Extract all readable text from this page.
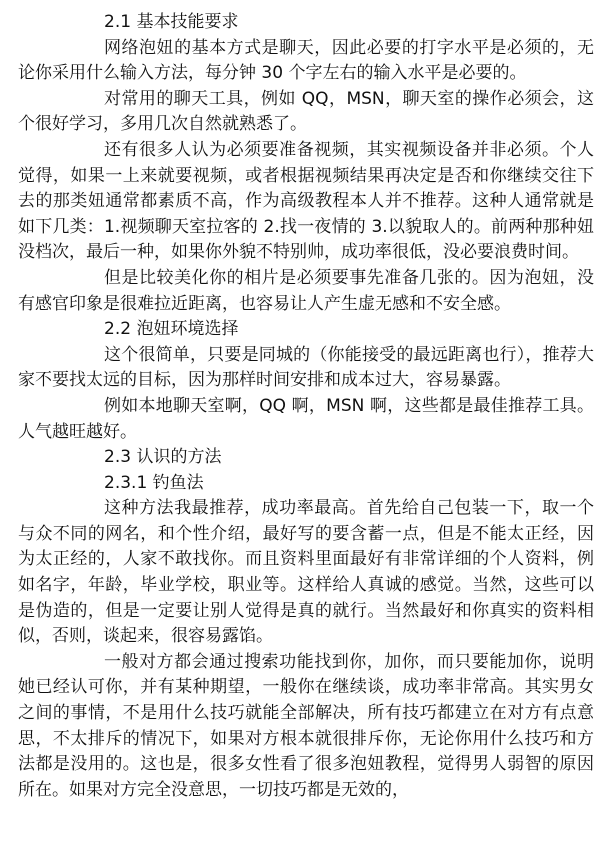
2.1 基本技能要求

网络泡妞的基本方式是聊天，因此必要的打字水平是必须的，无论你采用什么输入方法，每分钟 30 个字左右的输入水平是必要的。

对常用的聊天工具，例如 QQ，MSN，聊天室的操作必须会，这个很好学习，多用几次自然就熟悉了。

还有很多人认为必须要准备视频，其实视频设备并非必须。个人觉得，如果一上来就要视频，或者根据视频结果再决定是否和你继续交往下去的那类妞通常都素质不高，作为高级教程本人并不推荐。这种人通常就是如下几类：1.视频聊天室拉客的 2.找一夜情的 3.以貌取人的。前两种那种妞没档次，最后一种，如果你外貌不特别帅，成功率很低，没必要浪费时间。

但是比较美化你的相片是必须要事先准备几张的。因为泡妞，没有感官印象是很难拉近距离，也容易让人产生虚无感和不安全感。

2.2 泡妞环境选择

这个很简单，只要是同城的（你能接受的最远距离也行），推荐大家不要找太远的目标，因为那样时间安排和成本过大，容易暴露。

例如本地聊天室啊，QQ 啊，MSN 啊，这些都是最佳推荐工具。人气越旺越好。

2.3 认识的方法
2.3.1 钓鱼法

这种方法我最推荐，成功率最高。首先给自己包装一下，取一个与众不同的网名，和个性介绍，最好写的要含蓄一点，但是不能太正经，因为太正经的，人家不敢找你。而且资料里面最好有非常详细的个人资料，例如名字，年龄，毕业学校，职业等。这样给人真诚的感觉。当然，这些可以是伪造的，但是一定要让别人觉得是真的就行。当然最好和你真实的资料相似，否则，谈起来，很容易露馅。

一般对方都会通过搜索功能找到你，加你，而只要能加你，说明她已经认可你，并有某种期望，一般你在继续谈，成功率非常高。其实男女之间的事情，不是用什么技巧就能全部解决，所有技巧都建立在对方有点意思，不太排斥的情况下，如果对方根本就很排斥你，无论你用什么技巧和方法都是没用的。这也是，很多女性看了很多泡妞教程，觉得男人弱智的原因所在。如果对方完全没意思，一切技巧都是无效的，
